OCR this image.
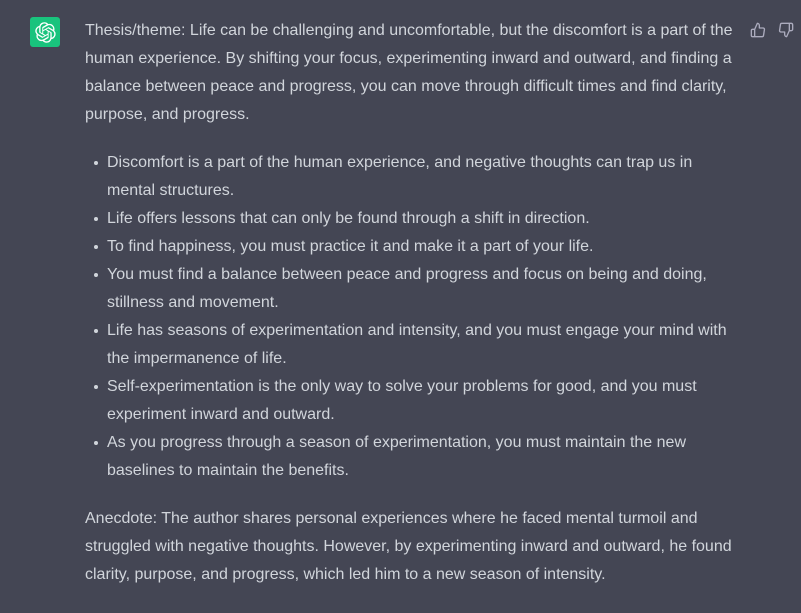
Thesis/theme: Life can be challenging and uncomfortable, but the discomfort is a part of the human experience. By shifting your focus, experimenting inward and outward, and finding a balance between peace and progress, you can move through difficult times and find clarity, purpose, and progress.

Discomfort is a part of the human experience, and negative thoughts can trap us in mental structures.
Life offers lessons that can only be found through a shift in direction.
To find happiness, you must practice it and make it a part of your life.
You must find a balance between peace and progress and focus on being and doing, stillness and movement.
Life has seasons of experimentation and intensity, and you must engage your mind with the impermanence of life.
Self-experimentation is the only way to solve your problems for good, and you must experiment inward and outward.
As you progress through a season of experimentation, you must maintain the new baselines to maintain the benefits.

Anecdote: The author shares personal experiences where he faced mental turmoil and struggled with negative thoughts. However, by experimenting inward and outward, he found clarity, purpose, and progress, which led him to a new season of intensity.
